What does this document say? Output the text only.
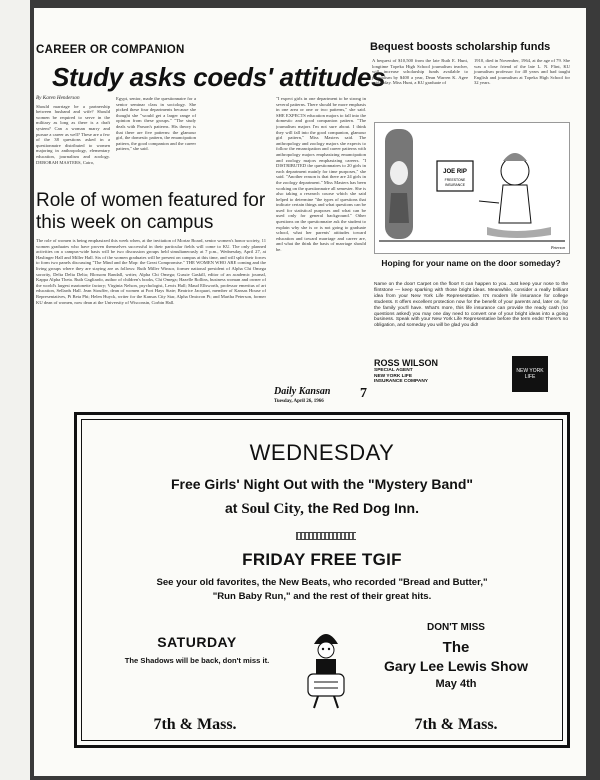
CAREER OR COMPANION
Study asks coeds' attitudes
By Karen Henderson
Should marriage be a partnership between husband and wife? Should women be required to serve in the military as long as there is a draft system? Can a woman marry and pursue a career as well? These are a few of the 38 questions asked in a questionnaire distributed to women majoring in anthropology, elementary education, journalism and zoology. DEBORAH MASTERS, Cairo,
Egypt, senior, made the questionnaire for a senior seminar class in sociology. She picked these four departments because she thought she "would get a larger range of opinion from these groups." "The study deals with Parson's patterns. His theory is that there are five patterns: the glamour girl, the domestic pattern, the emancipation pattern, the good companion and the career pattern," she said.
"I expect girls in one department to be strong in several patterns. There should be more emphasis in one area or one or two patterns," she said. SHE EXPECTS education majors to fall into the domestic and good companion pattern. "The journalism majors I'm not sure about. I think they will fall into the good companion, glamour girl pattern," Miss Masters said. The anthropology and zoology majors she expects to follow the emancipation and career patterns with anthropology majors emphasizing emancipation and zoology majors emphasizing careers. "I DISTRIBUTED the questionnaires to 20 girls in each department mainly for time purposes," she said. "Another reason is that there are 24 girls in the zoology department." Miss Masters has been working on the questionnaire all semester. She is also taking a research course which she said helped to determine "the types of questions that indicate certain things and what questions can be used for statistical purposes and what can be used only for general background." Other questions on the questionnaire ask the student to explain why she is or is not going to graduate school, what her parents' attitudes toward education and toward marriage and career are, and what the think the basis of marriage should be.
Role of women featured for this week on campus
The role of women is being emphasized this week when, at the invitation of Mortar Board, senior women's honor society, 11 women graduates who have proven themselves successful in their particular fields will come to KU. The only planned activities on a campus-wide basis will be two discussion groups held simultaneously at 7 p.m., Wednesday, April 27, at Haslinger Hall and Miller Hall. Six of the women graduates will be present on campus at this time, and will split their forces to form two panels discussing "The Mind and the Mop: the Great Compromise." THE WOMEN WHO ARE coming and the living groups where they are staying are as follows: Ruth Miller Winsor, former national president of Alpha Chi Omega sorority, Delta Delta Delta; Blossom Randall, writer, Alpha Chi Omega; Gussie Gaskill, editor of an academic journal, Kappa Alpha Theta. Ruth Gagliardo, author of children's books, Chi Omega; Hazelle Rollins, business woman and owner of the world's largest marionette factory; Virginia Nelson, psychologist, Lewis Hall; Maud Ellsworth, professor emeritus of art education, Sellards Hall. Jean Stouffer, dean of women at Fort Hays State; Beatrice Jacquart, member of Kansas House of Representatives, Pi Beta Phi; Helen Huyck, writer for the Kansas City Star, Alpha Omicron Pi; and Martha Peterson, former KU dean of women, now dean at the University of Wisconsin, Corbin Hall.
Bequest boosts scholarship funds
A bequest of $10,500 from the late Ruth E. Hunt, longtime Topeka High School journalism teacher, will increase scholarship funds available to journalism by $400 a year, Dean Warren K. Agee said today. Miss Hunt, a KU graduate of
1910, died in November, 1964, at the age of 79. She was a close friend of the late L. N. Flint, KU journalism professor for 40 years and had taught English and journalism at Topeka High School for 32 years.
JOE RIP
FREESTONE
INSURANCE
Peterson
Hoping for your name on the door someday?
Name on the door! Carpet on the floor! It can happen to you. Just keep your nose to the flintstone — keep sparking with those bright ideas. Meanwhile, consider a really brilliant idea from your New York Life Representative. It's modern life insurance for college students. It offers excellent protection now for the benefit of your parents and, later on, for the family you'll have. What's more, this life insurance can provide the ready cash (no questions asked) you may one day need to convert one of your bright ideas into a going business. Speak with your New York Life Representative before the term ends! There's no obligation, and someday you will be glad you did!
ROSS WILSON
SPECIAL AGENT
NEW YORK LIFE
INSURANCE COMPANY
NEW YORK LIFE
Daily Kansan
Tuesday, April 26, 1966
7
WEDNESDAY
Free Girls' Night Out with the "Mystery Band"
at Soul City, the Red Dog Inn.
FRIDAY FREE TGIF
See your old favorites, the New Beats, who recorded "Bread and Butter," "Run Baby Run," and the rest of their great hits.
SATURDAY
The Shadows will be back, don't miss it.
7th & Mass.
DON'T MISS
The
Gary Lee Lewis Show
May 4th
7th & Mass.
